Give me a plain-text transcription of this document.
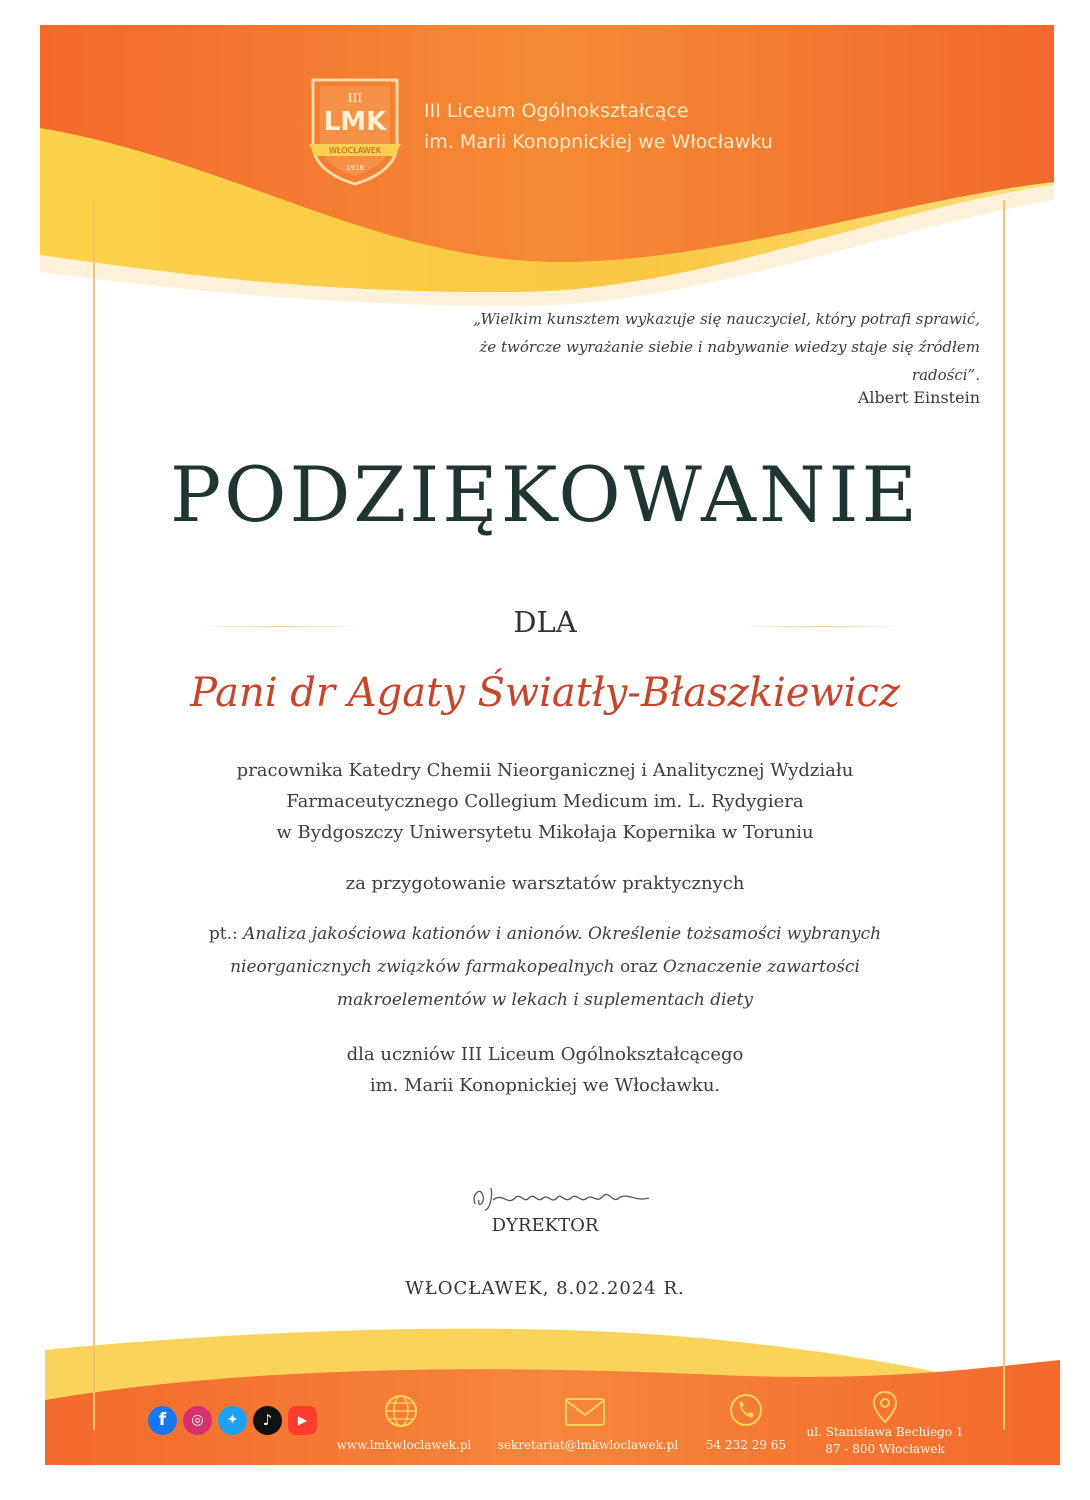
III
LMK
WŁOCŁAWEK
1918
III Liceum Ogólnokształcące
im. Marii Konopnickiej we Włocławku
„Wielkim kunsztem wykazuje się nauczyciel, który potrafi sprawić,
że twórcze wyrażanie siebie i nabywanie wiedzy staje się źródłem
radości”.
Albert Einstein
PODZIĘKOWANIE
DLA
Pani dr Agaty Światły-Błaszkiewicz
pracownika Katedry Chemii Nieorganicznej i Analitycznej Wydziału
Farmaceutycznego Collegium Medicum im. L. Rydygiera
w Bydgoszczy Uniwersytetu Mikołaja Kopernika w Toruniu
za przygotowanie warsztatów praktycznych
pt.: Analiza jakościowa kationów i anionów. Określenie tożsamości wybranych
nieorganicznych związków farmakopealnych oraz Oznaczenie zawartości
makroelementów w lekach i suplementach diety
dla uczniów III Liceum Ogólnokształcącego
im. Marii Konopnickiej we Włocławku.
DYREKTOR
WŁOCŁAWEK, 8.02.2024 R.
f	◎	✦	♪	▶
www.lmkwloclawek.pl	sekretariat@lmkwloclawek.pl	54 232 29 65
ul. Stanisława Bechiego 1
87 - 800 Włocławek
